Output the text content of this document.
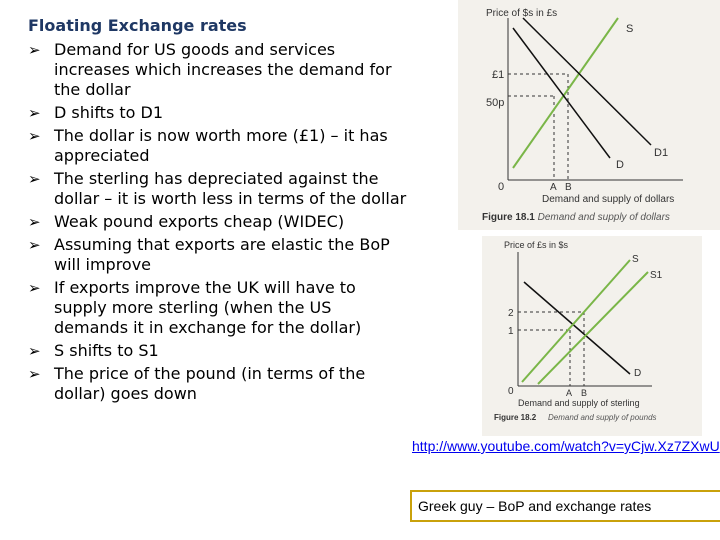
Floating Exchange rates
➢ Demand for US goods and services increases which increases the demand for the dollar
➢ D shifts to D1
➢ The dollar is now worth more (£1) – it has appreciated
➢ The sterling has depreciated against the dollar – it is worth less in terms of the dollar
➢ Weak pound exports cheap (WIDEC)
➢ Assuming that exports are elastic the BoP will improve
➢ If exports improve the UK will have to supply more sterling (when the US demands it in exchange for the dollar)
➢ S shifts to S1
➢ The price of the pound (in terms of the dollar) goes down
Price of $s in £s
S
D
D1
£1
50p
0	A B
Demand and supply of dollars
Figure 18.1 Demand and supply of dollars
Price of £s in $s
S
S1
D
2
1
0	A B
Demand and supply of sterling
Figure 18.2 Demand and supply of pounds
http://www.youtube.com/watch?v=yCjw.Xz7ZXwU
Greek guy – BoP and exchange rates
